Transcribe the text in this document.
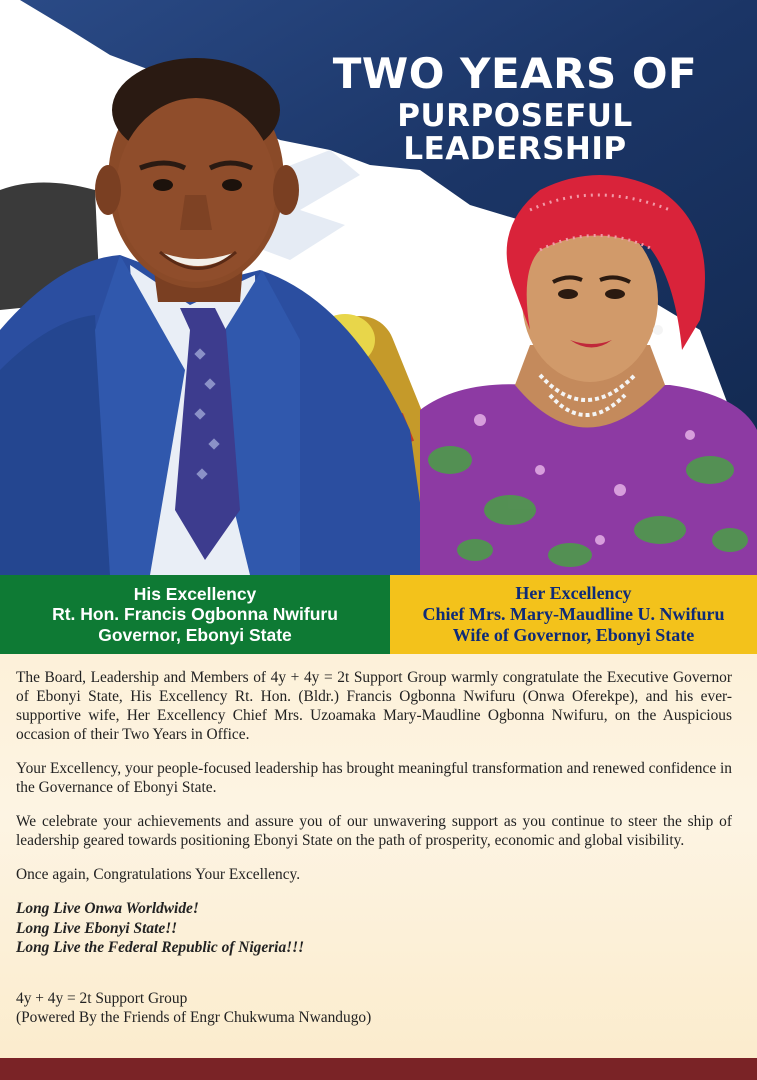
TWO YEARS OF
PURPOSEFUL LEADERSHIP
His Excellency
Rt. Hon. Francis Ogbonna Nwifuru
Governor, Ebonyi State
Her Excellency
Chief Mrs. Mary-Maudline U. Nwifuru
Wife of Governor, Ebonyi State

The Board, Leadership and Members of 4y + 4y = 2t Support Group warmly congratulate the Executive Governor of Ebonyi State, His Excellency Rt. Hon. (Bldr.) Francis Ogbonna Nwifuru (Onwa Oferekpe), and his ever-supportive wife, Her Excellency Chief Mrs. Uzoamaka Mary-Maudline Ogbonna Nwifuru, on the Auspicious occasion of their Two Years in Office.

Your Excellency, your people-focused leadership has brought meaningful transformation and renewed confidence in the Governance of Ebonyi State.

We celebrate your achievements and assure you of our unwavering support as you continue to steer the ship of leadership geared towards positioning Ebonyi State on the path of prosperity, economic and global visibility.

Once again, Congratulations Your Excellency.

Long Live Onwa Worldwide!
Long Live Ebonyi State!!
Long Live the Federal Republic of Nigeria!!!
4y + 4y = 2t Support Group
(Powered By the Friends of Engr Chukwuma Nwandugo)
